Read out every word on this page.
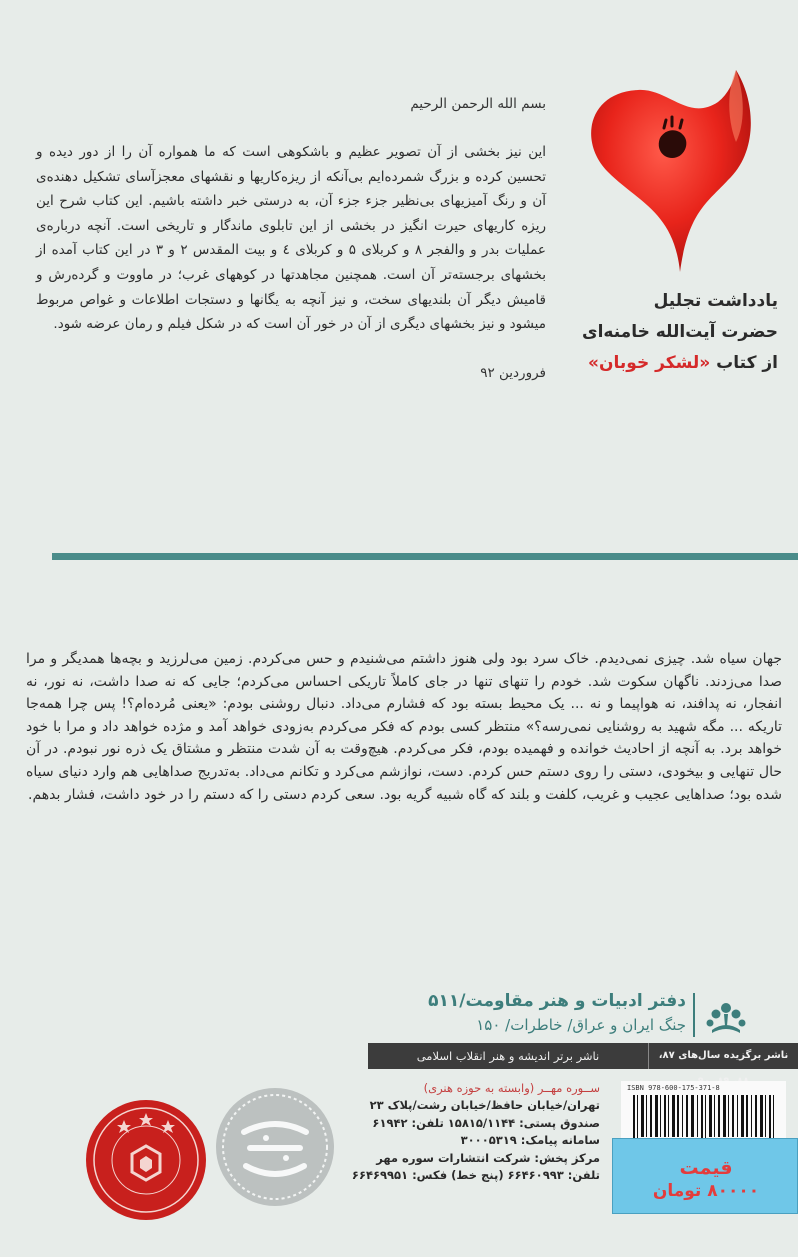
بسم الله الرحمن الرحیم
این نیز بخشی از آن تصویر عظیم و باشکوهی است که ما همواره آن را از دور دیده و تحسین کرده و بزرگ شمرده‌ایم بی‌آنکه از ریزه‌کاریها و نقشهای معجزآسای تشکیل دهنده‌ی آن و رنگ آمیزیهای بی‌نظیر جزء جزء آن، به درستی خبر داشته باشیم. این کتاب شرح این ریزه کاریهای حیرت انگیز در بخشی از این تابلوی ماندگار و تاریخی است. آنچه درباره‌ی عملیات بدر و والفجر ۸ و کربلای ۵ و کربلای ٤ و بیت المقدس ۲ و ۳ در این کتاب آمده از بخشهای برجسته‌تر آن است. همچنین مجاهدتها در کوههای غرب؛ در ماووت و گرده‌رش و قامیش دیگر آن بلندیهای سخت، و نیز آنچه به یگانها و دستجات اطلاعات و غواص مربوط میشود و نیز بخشهای دیگری از آن در خور آن است که در شکل فیلم و رمان عرضه شود.
فروردین ۹۲
یادداشت تجلیل
حضرت آیت‌الله خامنه‌ای
از کتاب «لشکر خوبان»
جهان سیاه شد. چیزی نمی‌دیدم. خاک سرد بود ولی هنوز داشتم می‌شنیدم و حس می‌کردم. زمین می‌لرزید و بچه‌ها همدیگر و مرا صدا می‌زدند. ناگهان سکوت شد. خودم را تنهای تنها در جای کاملاً تاریکی احساس می‌کردم؛ جایی که نه صدا داشت، نه نور، نه انفجار، نه پدافند، نه هواپیما و نه ... یک محیط بسته بود که فشارم می‌داد. دنبال روشنی بودم: «یعنی مُرده‌ام؟! پس چرا همه‌جا تاریکه ... مگه شهید به روشنایی نمی‌رسه؟» منتظر کسی بودم که فکر می‌کردم به‌زودی خواهد آمد و مژده خواهد داد و مرا با خود خواهد برد. به آنچه از احادیث خوانده و فهمیده بودم، فکر می‌کردم. هیچ‌وقت به آن شدت منتظر و مشتاق یک ذره نور نبودم. در آن حال تنهایی و بیخودی، دستی را روی دستم حس کردم. دست، نوازشم می‌کرد و تکانم می‌داد. به‌تدریج صداهایی هم وارد دنیای سیاه شده بود؛ صداهایی عجیب و غریب، کلفت و بلند که گاه شبیه گریه بود. سعی کردم دستی را که دستم را در خود داشت، فشار بدهم.
دفتر ادبیات و هنر مقاومت/۵۱۱
جنگ ایران و عراق/ خاطرات/ ۱۵۰
ناشر برگزیده سال‌های ۸۷،
ناشر برتر اندیشه و هنر انقلاب اسلامی
ســوره مهــر (وابسته به حوزه هنری)
تهران/خیابان حافظ/خیابان رشت/پلاک ۲۳
صندوق پستی: ۱۵۸۱۵/۱۱۴۴ تلفن: ۶۱۹۴۲
سامانه پیامک: ۳۰۰۰۵۳۱۹
مرکز پخش: شرکت انتشارات سوره مهر
تلفن: ۶۶۴۶۰۹۹۳ (پنج خط) فکس: ۶۶۴۶۹۹۵۱
ISBN 978-600-175-371-8
قیمت
۸۰۰۰۰ تومان
